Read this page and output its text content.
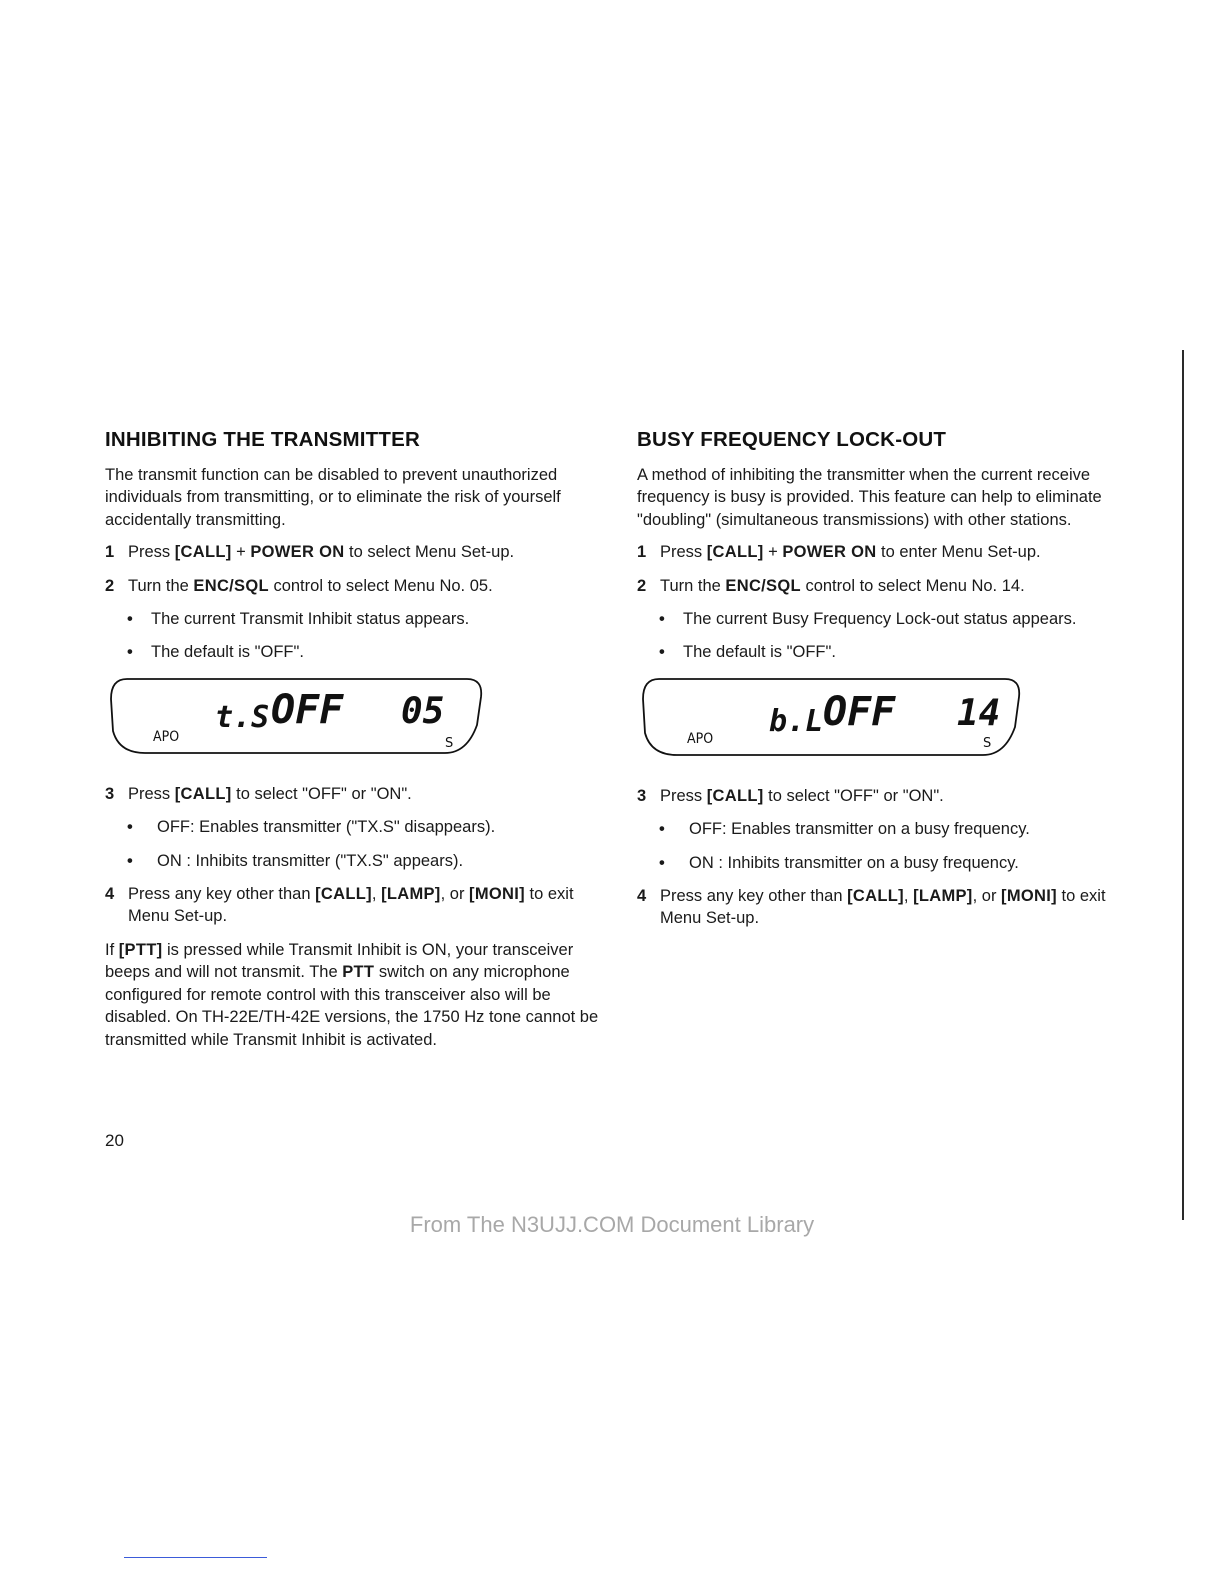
INHIBITING THE TRANSMITTER

The transmit function can be disabled to prevent unauthorized individuals from transmitting, or to eliminate the risk of yourself accidentally transmitting.

1 Press [CALL] + POWER ON to select Menu Set-up.
2 Turn the ENC/SQL control to select Menu No. 05.
•	The current Transmit Inhibit status appears.
•	The default is "OFF".
t.S OFF 05
APO	S
3 Press [CALL] to select "OFF" or "ON".
•	OFF: Enables transmitter ("TX.S" disappears).
•	ON : Inhibits transmitter ("TX.S" appears).
4 Press any key other than [CALL], [LAMP], or [MONI] to exit Menu Set-up.

If [PTT] is pressed while Transmit Inhibit is ON, your transceiver beeps and will not transmit. The PTT switch on any microphone configured for remote control with this transceiver also will be disabled. On TH-22E/TH-42E versions, the 1750 Hz tone cannot be transmitted while Transmit Inhibit is activated.

BUSY FREQUENCY LOCK-OUT

A method of inhibiting the transmitter when the current receive frequency is busy is provided. This feature can help to eliminate "doubling" (simultaneous transmissions) with other stations.

1 Press [CALL] + POWER ON to enter Menu Set-up.
2 Turn the ENC/SQL control to select Menu No. 14.
•	The current Busy Frequency Lock-out status appears.
•	The default is "OFF".
b.L OFF 14
APO	S
3 Press [CALL] to select "OFF" or "ON".
•	OFF: Enables transmitter on a busy frequency.
•	ON : Inhibits transmitter on a busy frequency.
4 Press any key other than [CALL], [LAMP], or [MONI] to exit Menu Set-up.
20
From The N3UJJ.COM Document Library
